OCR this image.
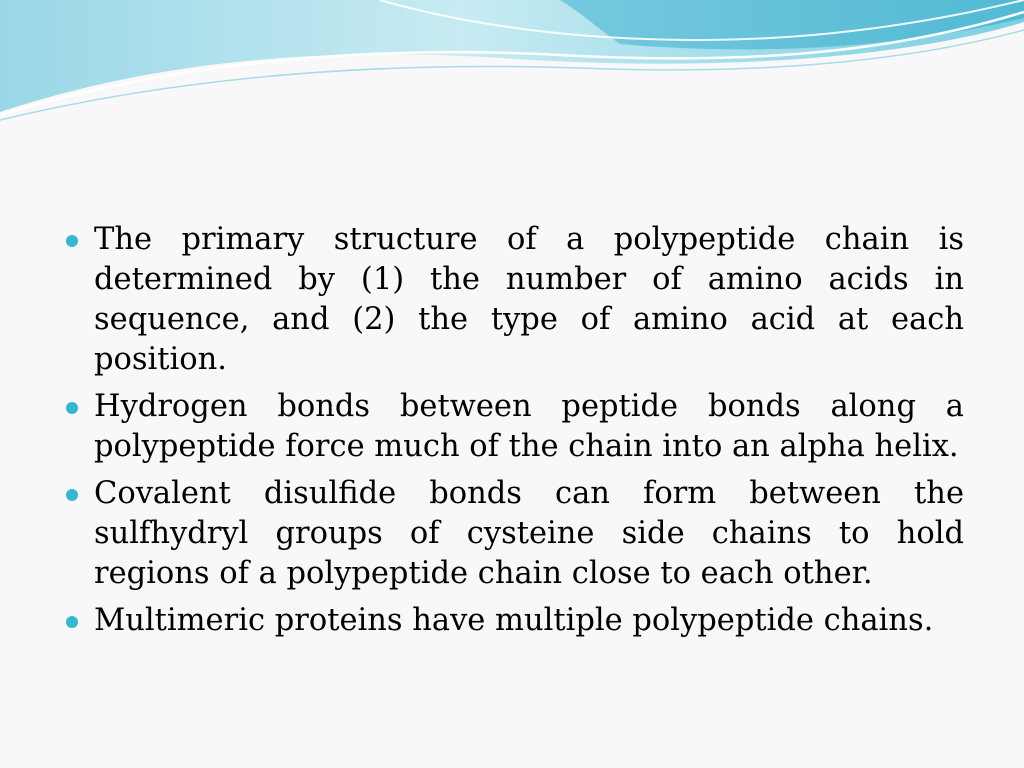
The primary structure of a polypeptide chain is determined by (1) the number of amino acids in sequence, and (2) the type of amino acid at each position.
Hydrogen bonds between peptide bonds along a polypeptide force much of the chain into an alpha helix.
Covalent disulfide bonds can form between the sulfhydryl groups of cysteine side chains to hold regions of a polypeptide chain close to each other.
Multimeric proteins have multiple polypeptide chains.
